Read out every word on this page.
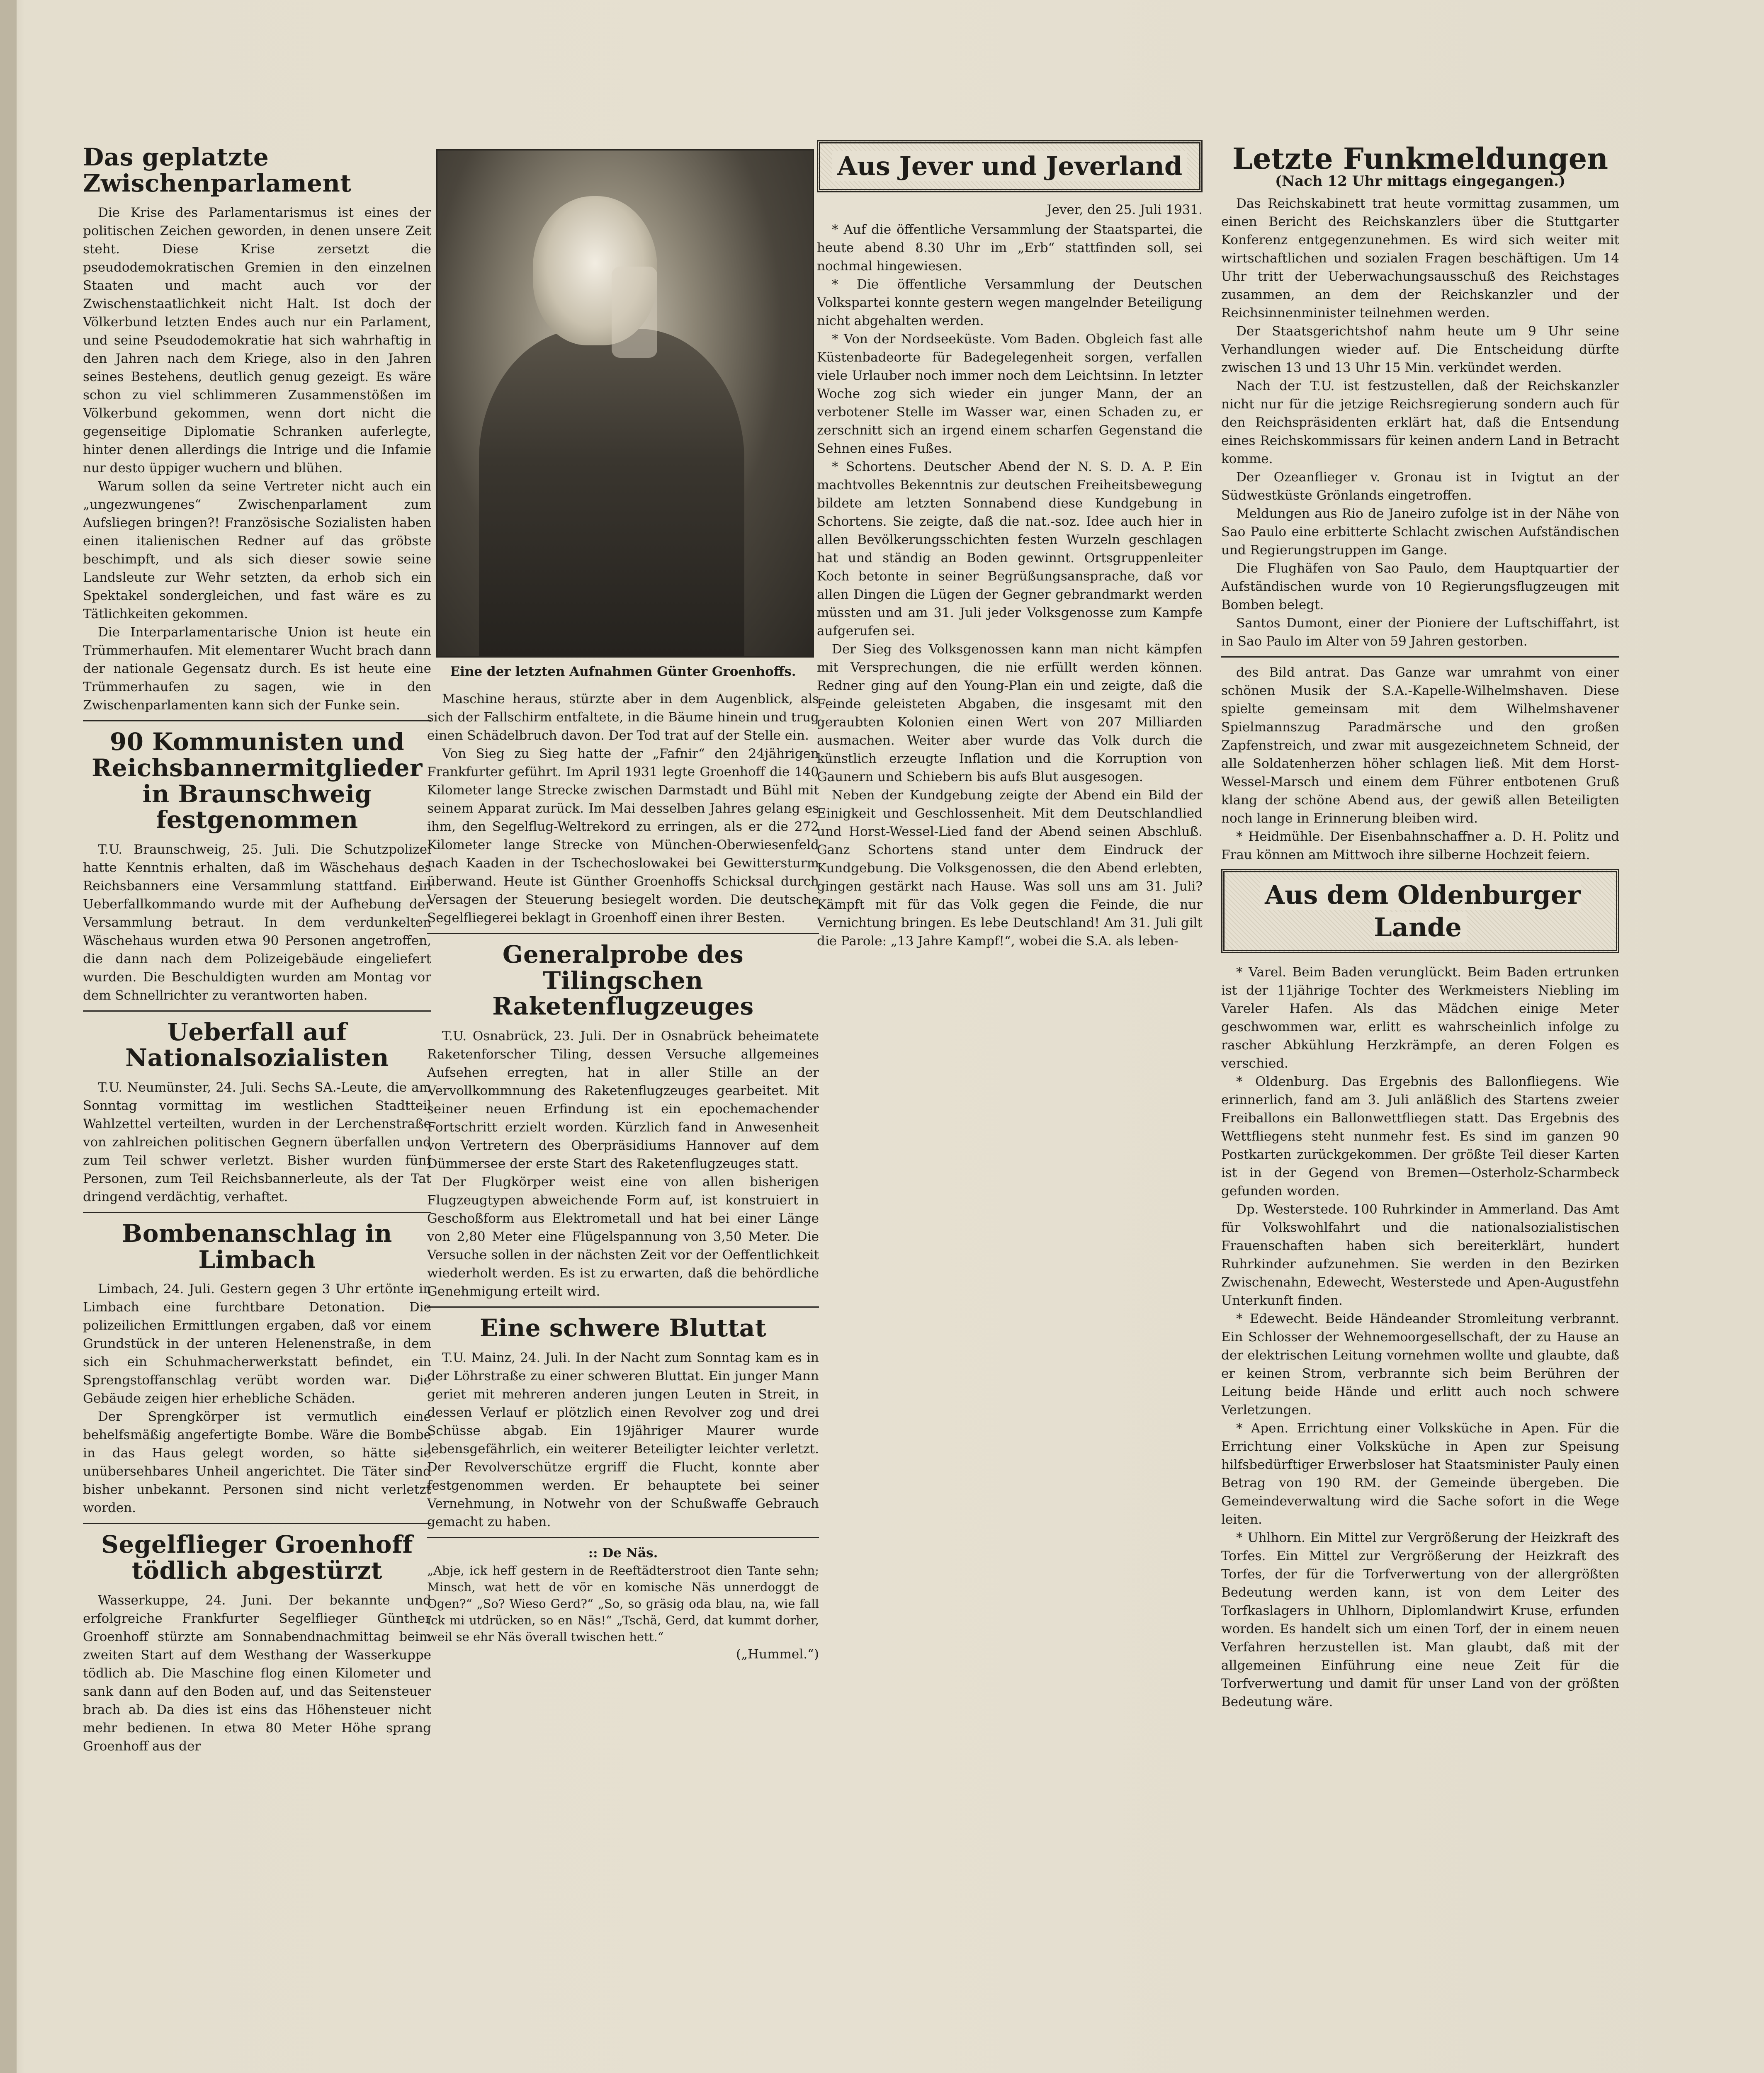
Das geplatzte Zwischenparlament

Die Krise des Parlamentarismus ist eines der politischen Zeichen geworden, in denen unsere Zeit steht. Diese Krise zersetzt die pseudodemokratischen Gremien in den einzelnen Staaten und macht auch vor der Zwischenstaatlichkeit nicht Halt. Ist doch der Völkerbund letzten Endes auch nur ein Parlament, und seine Pseudodemokratie hat sich wahrhaftig in den Jahren nach dem Kriege, also in den Jahren seines Bestehens, deutlich genug gezeigt. Es wäre schon zu viel schlimmeren Zusammenstößen im Völkerbund gekommen, wenn dort nicht die gegenseitige Diplomatie Schranken auferlegte, hinter denen allerdings die Intrige und die Infamie nur desto üppiger wuchern und blühen.

Warum sollen da seine Vertreter nicht auch ein „ungezwungenes“ Zwischenparlament zum Aufsliegen bringen?! Französische Sozialisten haben einen italienischen Redner auf das gröbste beschimpft, und als sich dieser sowie seine Landsleute zur Wehr setzten, da erhob sich ein Spektakel sondergleichen, und fast wäre es zu Tätlichkeiten gekommen.

Die Interparlamentarische Union ist heute ein Trümmerhaufen. Mit elementarer Wucht brach dann der nationale Gegensatz durch. Es ist heute eine Trümmerhaufen zu sagen, wie in den Zwischenparlamenten kann sich der Funke sein.

90 Kommunisten und Reichsbannermitglieder in Braunschweig festgenommen

T.U. Braunschweig, 25. Juli. Die Schutzpolizei hatte Kenntnis erhalten, daß im Wäschehaus des Reichsbanners eine Versammlung stattfand. Ein Ueberfallkommando wurde mit der Aufhebung der Versammlung betraut. In dem verdunkelten Wäschehaus wurden etwa 90 Personen angetroffen, die dann nach dem Polizeigebäude eingeliefert wurden. Die Beschuldigten wurden am Montag vor dem Schnellrichter zu verantworten haben.

Ueberfall auf Nationalsozialisten

T.U. Neumünster, 24. Juli. Sechs SA.-Leute, die am Sonntag vormittag im westlichen Stadtteil Wahlzettel verteilten, wurden in der Lerchenstraße von zahlreichen politischen Gegnern überfallen und zum Teil schwer verletzt. Bisher wurden fünf Personen, zum Teil Reichsbannerleute, als der Tat dringend verdächtig, verhaftet.

Bombenanschlag in Limbach

Limbach, 24. Juli. Gestern gegen 3 Uhr ertönte in Limbach eine furchtbare Detonation. Die polizeilichen Ermittlungen ergaben, daß vor einem Grundstück in der unteren Helenenstraße, in dem sich ein Schuhmacherwerkstatt befindet, ein Sprengstoffanschlag verübt worden war. Die Gebäude zeigen hier erhebliche Schäden.

Der Sprengkörper ist vermutlich eine behelfsmäßig angefertigte Bombe. Wäre die Bombe in das Haus gelegt worden, so hätte sie unübersehbares Unheil angerichtet. Die Täter sind bisher unbekannt. Personen sind nicht verletzt worden.

Segelflieger Groenhoff tödlich abgestürzt

Wasserkuppe, 24. Juni. Der bekannte und erfolgreiche Frankfurter Segelflieger Günther Groenhoff stürzte am Sonnabendnachmittag beim zweiten Start auf dem Westhang der Wasserkuppe tödlich ab. Die Maschine flog einen Kilometer und sank dann auf den Boden auf, und das Seitensteuer brach ab. Da dies ist eins das Höhensteuer nicht mehr bedienen. In etwa 80 Meter Höhe sprang Groenhoff aus der

Eine der letzten Aufnahmen Günter Groenhoffs.

Maschine heraus, stürzte aber in dem Augenblick, als sich der Fallschirm entfaltete, in die Bäume hinein und trug einen Schädelbruch davon. Der Tod trat auf der Stelle ein.

Von Sieg zu Sieg hatte der „Fafnir“ den 24jährigen Frankfurter geführt. Im April 1931 legte Groenhoff die 140 Kilometer lange Strecke zwischen Darmstadt und Bühl mit seinem Apparat zurück. Im Mai desselben Jahres gelang es ihm, den Segelflug-Weltrekord zu erringen, als er die 272 Kilometer lange Strecke von München-Oberwiesenfeld nach Kaaden in der Tschechoslowakei bei Gewittersturm überwand. Heute ist Günther Groenhoffs Schicksal durch Versagen der Steuerung besiegelt worden. Die deutsche Segelfliegerei beklagt in Groenhoff einen ihrer Besten.

Generalprobe des Tilingschen Raketenflugzeuges

T.U. Osnabrück, 23. Juli. Der in Osnabrück beheimatete Raketenforscher Tiling, dessen Versuche allgemeines Aufsehen erregten, hat in aller Stille an der Vervollkommnung des Raketenflugzeuges gearbeitet. Mit seiner neuen Erfindung ist ein epochemachender Fortschritt erzielt worden. Kürzlich fand in Anwesenheit von Vertretern des Oberpräsidiums Hannover auf dem Dümmersee der erste Start des Raketenflugzeuges statt.

Der Flugkörper weist eine von allen bisherigen Flugzeugtypen abweichende Form auf, ist konstruiert in Geschoßform aus Elektrometall und hat bei einer Länge von 2,80 Meter eine Flügelspannung von 3,50 Meter. Die Versuche sollen in der nächsten Zeit vor der Oeffentlichkeit wiederholt werden. Es ist zu erwarten, daß die behördliche Genehmigung erteilt wird.

Eine schwere Bluttat

T.U. Mainz, 24. Juli. In der Nacht zum Sonntag kam es in der Löhrstraße zu einer schweren Bluttat. Ein junger Mann geriet mit mehreren anderen jungen Leuten in Streit, in dessen Verlauf er plötzlich einen Revolver zog und drei Schüsse abgab. Ein 19jähriger Maurer wurde lebensgefährlich, ein weiterer Beteiligter leichter verletzt. Der Revolverschütze ergriff die Flucht, konnte aber festgenommen werden. Er behauptete bei seiner Vernehmung, in Notwehr von der Schußwaffe Gebrauch gemacht zu haben.

:: De Näs.
„Abje, ick heff gestern in de Reeftädterstroot dien Tante sehn; Minsch, wat hett de vör en komische Näs unnerdoggt de Ogen?“ „So? Wieso Gerd?“ „So, so gräsig oda blau, na, wie fall ick mi utdrücken, so en Näs!“ „Tschä, Gerd, dat kummt dorher, weil se ehr Näs överall twischen hett.“
(„Hummel.“)
Aus Jever und Jeverland
Jever, den 25. Juli 1931.

* Auf die öffentliche Versammlung der Staatspartei, die heute abend 8.30 Uhr im „Erb“ stattfinden soll, sei nochmal hingewiesen.

* Die öffentliche Versammlung der Deutschen Volkspartei konnte gestern wegen mangelnder Beteiligung nicht abgehalten werden.

* Von der Nordseeküste. Vom Baden. Obgleich fast alle Küstenbadeorte für Badegelegenheit sorgen, verfallen viele Urlauber noch immer noch dem Leichtsinn. In letzter Woche zog sich wieder ein junger Mann, der an verbotener Stelle im Wasser war, einen Schaden zu, er zerschnitt sich an irgend einem scharfen Gegenstand die Sehnen eines Fußes.

* Schortens. Deutscher Abend der N. S. D. A. P. Ein machtvolles Bekenntnis zur deutschen Freiheitsbewegung bildete am letzten Sonnabend diese Kundgebung in Schortens. Sie zeigte, daß die nat.-soz. Idee auch hier in allen Bevölkerungsschichten festen Wurzeln geschlagen hat und ständig an Boden gewinnt. Ortsgruppenleiter Koch betonte in seiner Begrüßungsansprache, daß vor allen Dingen die Lügen der Gegner gebrandmarkt werden müssten und am 31. Juli jeder Volksgenosse zum Kampfe aufgerufen sei.

Der Sieg des Volksgenossen kann man nicht kämpfen mit Versprechungen, die nie erfüllt werden können. Redner ging auf den Young-Plan ein und zeigte, daß die Feinde geleisteten Abgaben, die insgesamt mit den geraubten Kolonien einen Wert von 207 Milliarden ausmachen. Weiter aber wurde das Volk durch die künstlich erzeugte Inflation und die Korruption von Gaunern und Schiebern bis aufs Blut ausgesogen.

Neben der Kundgebung zeigte der Abend ein Bild der Einigkeit und Geschlossenheit. Mit dem Deutschlandlied und Horst-Wessel-Lied fand der Abend seinen Abschluß. Ganz Schortens stand unter dem Eindruck der Kundgebung. Die Volksgenossen, die den Abend erlebten, gingen gestärkt nach Hause. Was soll uns am 31. Juli? Kämpft mit für das Volk gegen die Feinde, die nur Vernichtung bringen. Es lebe Deutschland! Am 31. Juli gilt die Parole: „13 Jahre Kampf!“, wobei die S.A. als leben-

Letzte Funkmeldungen
(Nach 12 Uhr mittags eingegangen.)

Das Reichskabinett trat heute vormittag zusammen, um einen Bericht des Reichskanzlers über die Stuttgarter Konferenz entgegenzunehmen. Es wird sich weiter mit wirtschaftlichen und sozialen Fragen beschäftigen. Um 14 Uhr tritt der Ueberwachungsausschuß des Reichstages zusammen, an dem der Reichskanzler und der Reichsinnenminister teilnehmen werden.

Der Staatsgerichtshof nahm heute um 9 Uhr seine Verhandlungen wieder auf. Die Entscheidung dürfte zwischen 13 und 13 Uhr 15 Min. verkündet werden.

Nach der T.U. ist festzustellen, daß der Reichskanzler nicht nur für die jetzige Reichsregierung sondern auch für den Reichspräsidenten erklärt hat, daß die Entsendung eines Reichskommissars für keinen andern Land in Betracht komme.

Der Ozeanflieger v. Gronau ist in Ivigtut an der Südwestküste Grönlands eingetroffen.

Meldungen aus Rio de Janeiro zufolge ist in der Nähe von Sao Paulo eine erbitterte Schlacht zwischen Aufständischen und Regierungstruppen im Gange.

Die Flughäfen von Sao Paulo, dem Hauptquartier der Aufständischen wurde von 10 Regierungsflugzeugen mit Bomben belegt.

Santos Dumont, einer der Pioniere der Luftschiffahrt, ist in Sao Paulo im Alter von 59 Jahren gestorben.

des Bild antrat. Das Ganze war umrahmt von einer schönen Musik der S.A.-Kapelle-Wilhelmshaven. Diese spielte gemeinsam mit dem Wilhelmshavener Spielmannszug Paradmärsche und den großen Zapfenstreich, und zwar mit ausgezeichnetem Schneid, der alle Soldatenherzen höher schlagen ließ. Mit dem Horst-Wessel-Marsch und einem dem Führer entbotenen Gruß klang der schöne Abend aus, der gewiß allen Beteiligten noch lange in Erinnerung bleiben wird.

* Heidmühle. Der Eisenbahnschaffner a. D. H. Politz und Frau können am Mittwoch ihre silberne Hochzeit feiern.

Aus dem Oldenburger Lande

* Varel. Beim Baden verunglückt. Beim Baden ertrunken ist der 11jährige Tochter des Werkmeisters Niebling im Vareler Hafen. Als das Mädchen einige Meter geschwommen war, erlitt es wahrscheinlich infolge zu rascher Abkühlung Herzkrämpfe, an deren Folgen es verschied.

* Oldenburg. Das Ergebnis des Ballonfliegens. Wie erinnerlich, fand am 3. Juli anläßlich des Startens zweier Freiballons ein Ballonwettfliegen statt. Das Ergebnis des Wettfliegens steht nunmehr fest. Es sind im ganzen 90 Postkarten zurückgekommen. Der größte Teil dieser Karten ist in der Gegend von Bremen—Osterholz-Scharmbeck gefunden worden.

Dp. Westerstede. 100 Ruhrkinder in Ammerland. Das Amt für Volkswohlfahrt und die nationalsozialistischen Frauenschaften haben sich bereiterklärt, hundert Ruhrkinder aufzunehmen. Sie werden in den Bezirken Zwischenahn, Edewecht, Westerstede und Apen-Augustfehn Unterkunft finden.

* Edewecht. Beide Händeander Stromleitung verbrannt. Ein Schlosser der Wehnemoorgesellschaft, der zu Hause an der elektrischen Leitung vornehmen wollte und glaubte, daß er keinen Strom, verbrannte sich beim Berühren der Leitung beide Hände und erlitt auch noch schwere Verletzungen.

* Apen. Errichtung einer Volksküche in Apen. Für die Errichtung einer Volksküche in Apen zur Speisung hilfsbedürftiger Erwerbsloser hat Staatsminister Pauly einen Betrag von 190 RM. der Gemeinde übergeben. Die Gemeindeverwaltung wird die Sache sofort in die Wege leiten.

* Uhlhorn. Ein Mittel zur Vergrößerung der Heizkraft des Torfes. Ein Mittel zur Vergrößerung der Heizkraft des Torfes, der für die Torfverwertung von der allergrößten Bedeutung werden kann, ist von dem Leiter des Torfkaslagers in Uhlhorn, Diplomlandwirt Kruse, erfunden worden. Es handelt sich um einen Torf, der in einem neuen Verfahren herzustellen ist. Man glaubt, daß mit der allgemeinen Einführung eine neue Zeit für die Torfverwertung und damit für unser Land von der größten Bedeutung wäre.
